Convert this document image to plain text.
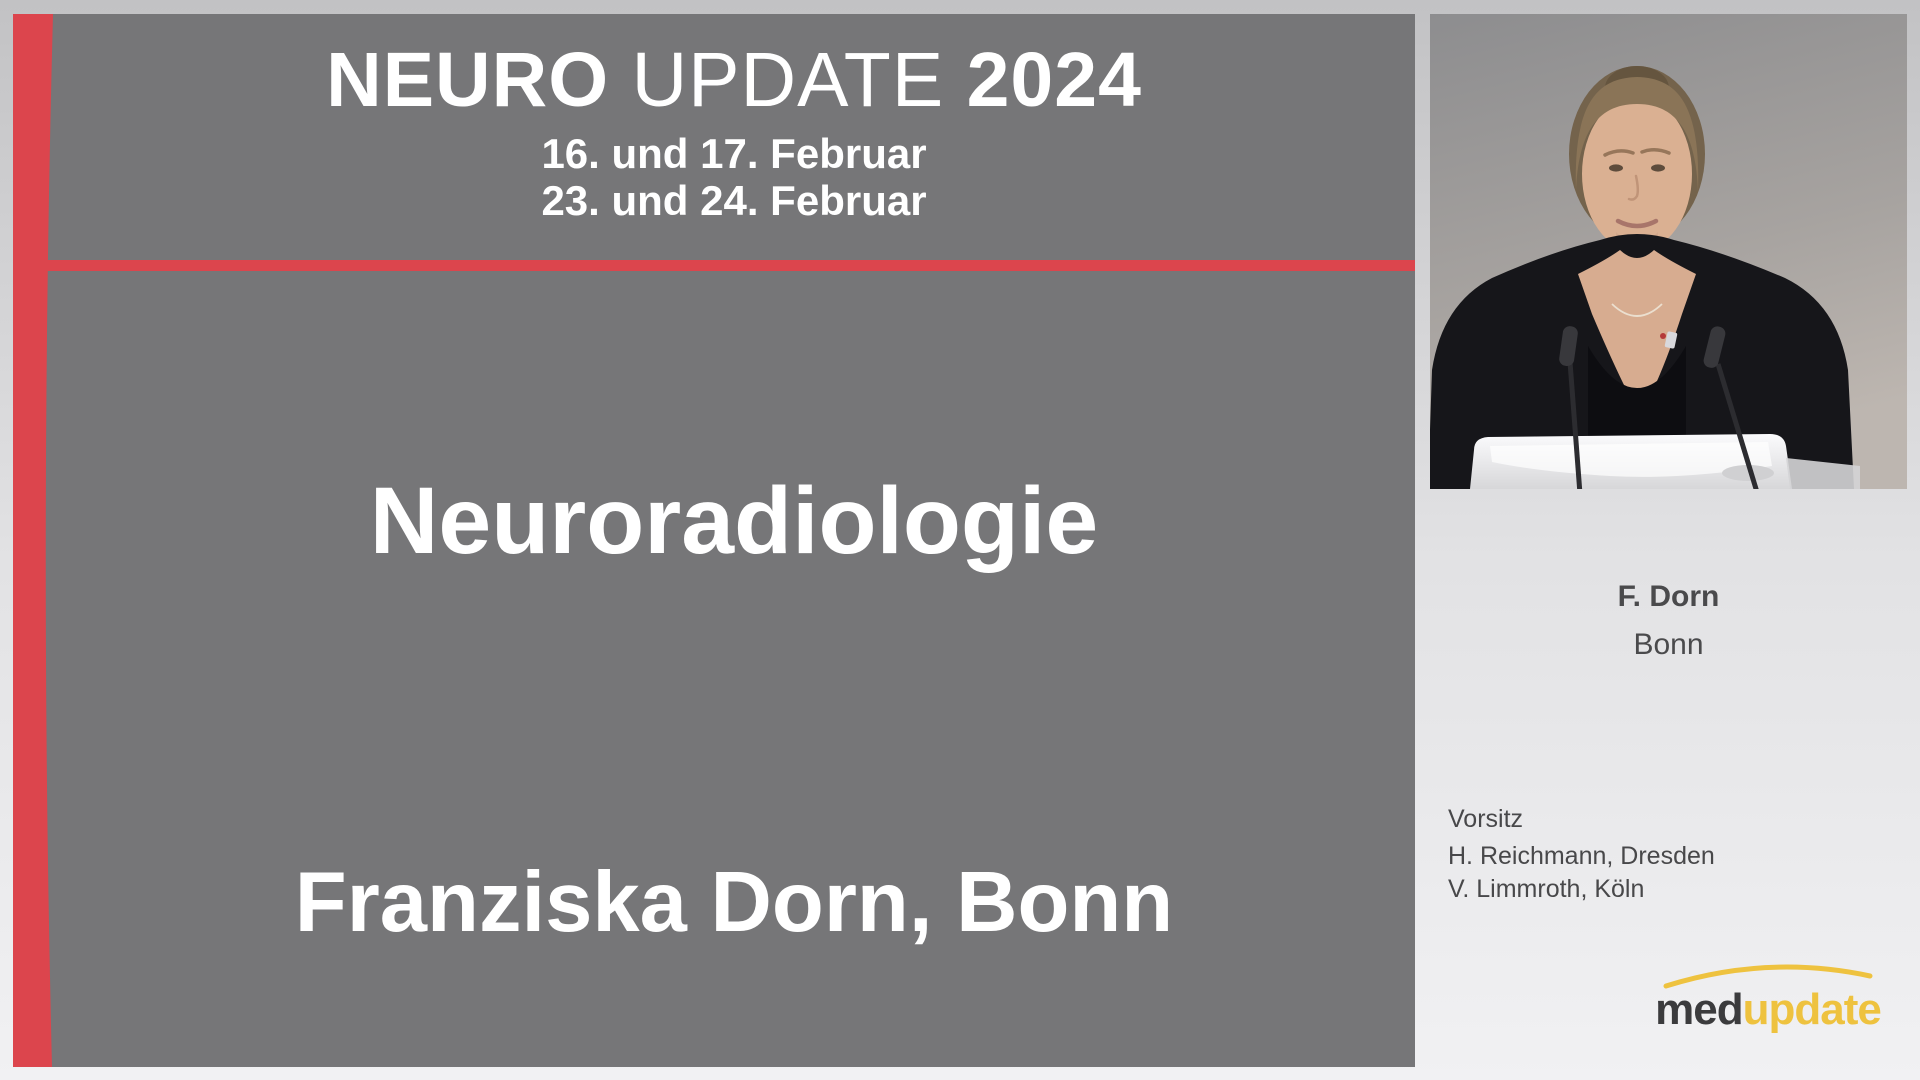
NEURO UPDATE 2024
16. und 17. Februar
23. und 24. Februar
Neuroradiologie
Franziska Dorn, Bonn
F. Dorn
Bonn
Vorsitz
H. Reichmann, Dresden
V. Limmroth, Köln
medupdate
